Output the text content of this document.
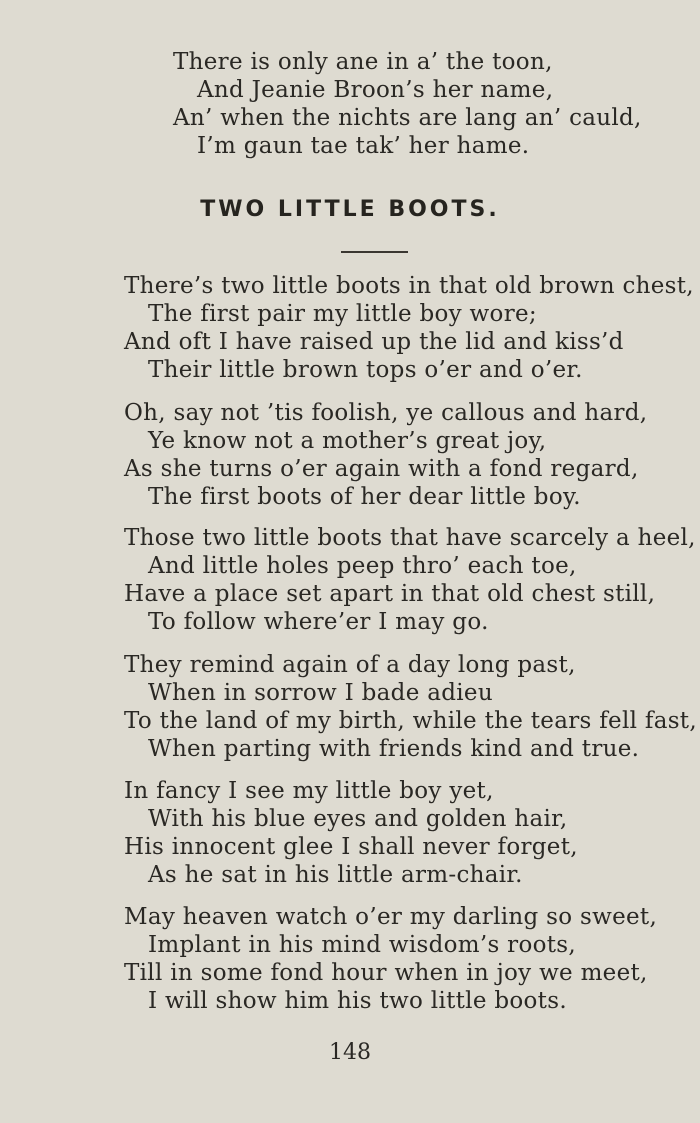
There is only ane in a’ the toon,
And Jeanie Broon’s her name,
An’ when the nichts are lang an’ cauld,
I’m gaun tae tak’ her hame.
TWO LITTLE BOOTS.
There’s two little boots in that old brown chest,
The first pair my little boy wore;
And oft I have raised up the lid and kiss’d
Their little brown tops o’er and o’er.
Oh, say not ’tis foolish, ye callous and hard,
Ye know not a mother’s great joy,
As she turns o’er again with a fond regard,
The first boots of her dear little boy.
Those two little boots that have scarcely a heel,
And little holes peep thro’ each toe,
Have a place set apart in that old chest still,
To follow where’er I may go.
They remind again of a day long past,
When in sorrow I bade adieu
To the land of my birth, while the tears fell fast,
When parting with friends kind and true.
In fancy I see my little boy yet,
With his blue eyes and golden hair,
His innocent glee I shall never forget,
As he sat in his little arm-chair.
May heaven watch o’er my darling so sweet,
Implant in his mind wisdom’s roots,
Till in some fond hour when in joy we meet,
I will show him his two little boots.
148
